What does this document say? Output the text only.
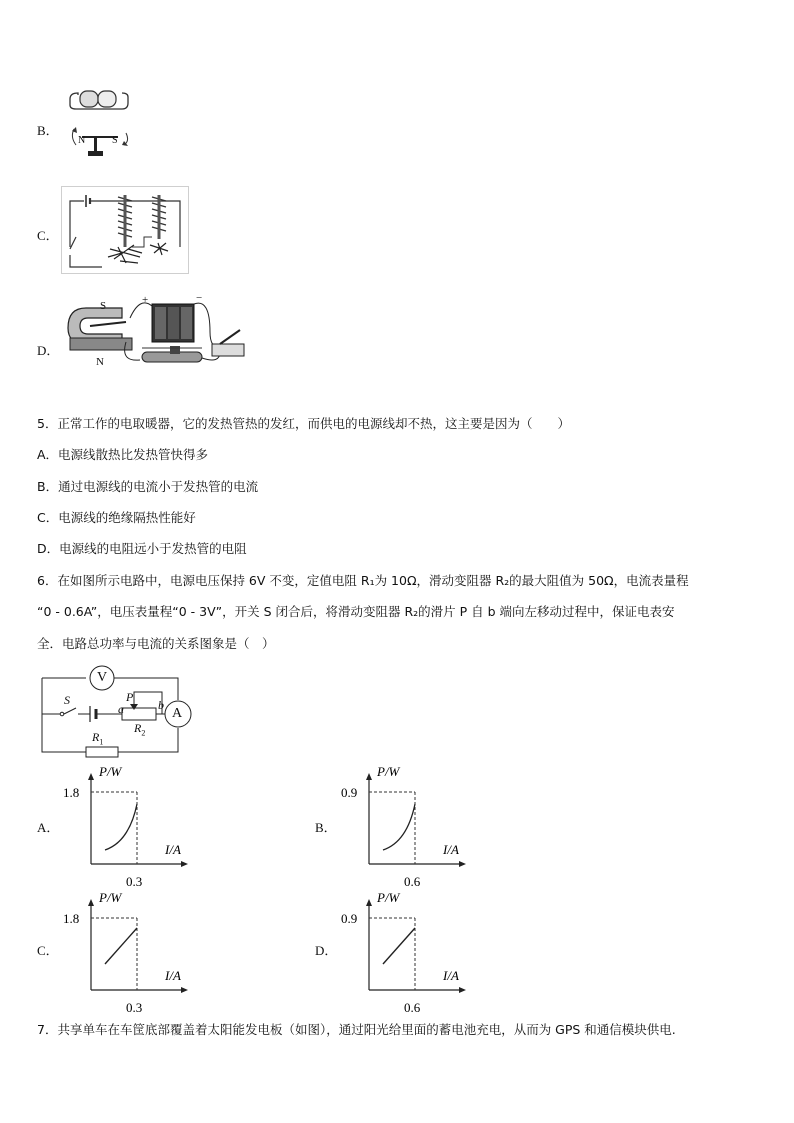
B．
N	S
C．
D．
S
N
+	−
5．正常工作的电取暖器，它的发热管热的发红，而供电的电源线却不热，这主要是因为（　　）
A．电源线散热比发热管快得多
B．通过电源线的电流小于发热管的电流
C．电源线的绝缘隔热性能好
D．电源线的电阻远小于发热管的电阻
6．在如图所示电路中，电源电压保持 6V 不变，定值电阻 R₁为 10Ω，滑动变阻器 R₂的最大阻值为 50Ω，电流表量程
“0 - 0.6A”，电压表量程“0 - 3V”，开关 S 闭合后，将滑动变阻器 R₂的滑片 P 自 b 端向左移动过程中，保证电表安
全．电路总功率与电流的关系图象是（　）
V
A
S	P
a	b
$R_2$
$R_1$
P/W
I/A
1.8
0.3
A．
P/W
I/A
0.9
0.6
B．
P/W
I/A
1.8
0.3
C．
P/W
I/A
0.9
0.6
D．
7．共享单车在车筐底部覆盖着太阳能发电板（如图），通过阳光给里面的蓄电池充电，从而为 GPS 和通信模块供电.
